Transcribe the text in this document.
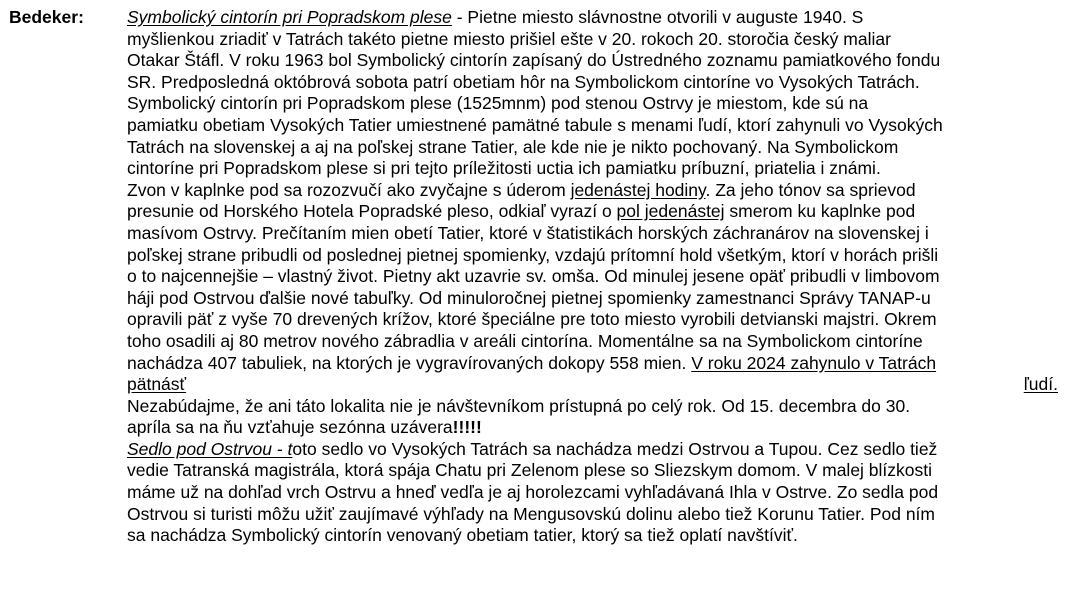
Bedeker: Symbolický cintorín pri Popradskom plese - Pietne miesto slávnostne otvorili v auguste 1940. S
myšlienkou zriadiť v Tatrách takéto pietne miesto prišiel ešte v 20. rokoch 20. storočia český maliar
Otakar Štáfl. V roku 1963 bol Symbolický cintorín zapísaný do Ústredného zoznamu pamiatkového fondu
SR. Predposledná októbrová sobota patrí obetiam hôr na Symbolickom cintoríne vo Vysokých Tatrách.
Symbolický cintorín pri Popradskom plese (1525mnm) pod stenou Ostrvy je miestom, kde sú na
pamiatku obetiam Vysokých Tatier umiestnené pamätné tabule s menami ľudí, ktorí zahynuli vo Vysokých
Tatrách na slovenskej a aj na poľskej strane Tatier, ale kde nie je nikto pochovaný. Na Symbolickom
cintoríne pri Popradskom plese si pri tejto príležitosti uctia ich pamiatku príbuzní, priatelia i známi.
Zvon v kaplnke pod sa rozozvučí ako zvyčajne s úderom jedenástej hodiny. Za jeho tónov sa sprievod
presunie od Horského Hotela Popradské pleso, odkiaľ vyrazí o pol jedenástej smerom ku kaplnke pod
masívom Ostrvy. Prečítaním mien obetí Tatier, ktoré v štatistikách horských záchranárov na slovenskej i
poľskej strane pribudli od poslednej pietnej spomienky, vzdajú prítomní hold všetkým, ktorí v horách prišli
o to najcennejšie – vlastný život. Pietny akt uzavrie sv. omša. Od minulej jesene opäť pribudli v limbovom
háji pod Ostrvou ďalšie nové tabuľky. Od minuloročnej pietnej spomienky zamestnanci Správy TANAP-u
opravili päť z vyše 70 drevených krížov, ktoré špeciálne pre toto miesto vyrobili detvianski majstri. Okrem
toho osadili aj 80 metrov nového zábradlia v areáli cintorína. Momentálne sa na Symbolickom cintoríne
nachádza 407 tabuliek, na ktorých je vygravírovaných dokopy 558 mien. V roku 2024 zahynulo v Tatrách
pätnásť	ľudí.
Nezabúdajme, že ani táto lokalita nie je návštevníkom prístupná po celý rok. Od 15. decembra do 30.
apríla sa na ňu vzťahuje sezónna uzávera!!!!!
Sedlo pod Ostrvou - toto sedlo vo Vysokých Tatrách sa nachádza medzi Ostrvou a Tupou. Cez sedlo tiež
vedie Tatranská magistrála, ktorá spája Chatu pri Zelenom plese so Sliezskym domom. V malej blízkosti
máme už na dohľad vrch Ostrvu a hneď vedľa je aj horolezcami vyhľadávaná Ihla v Ostrve. Zo sedla pod
Ostrvou si turisti môžu užiť zaujímavé výhľady na Mengusovskú dolinu alebo tiež Korunu Tatier. Pod ním
sa nachádza Symbolický cintorín venovaný obetiam tatier, ktorý sa tiež oplatí navštíviť.
